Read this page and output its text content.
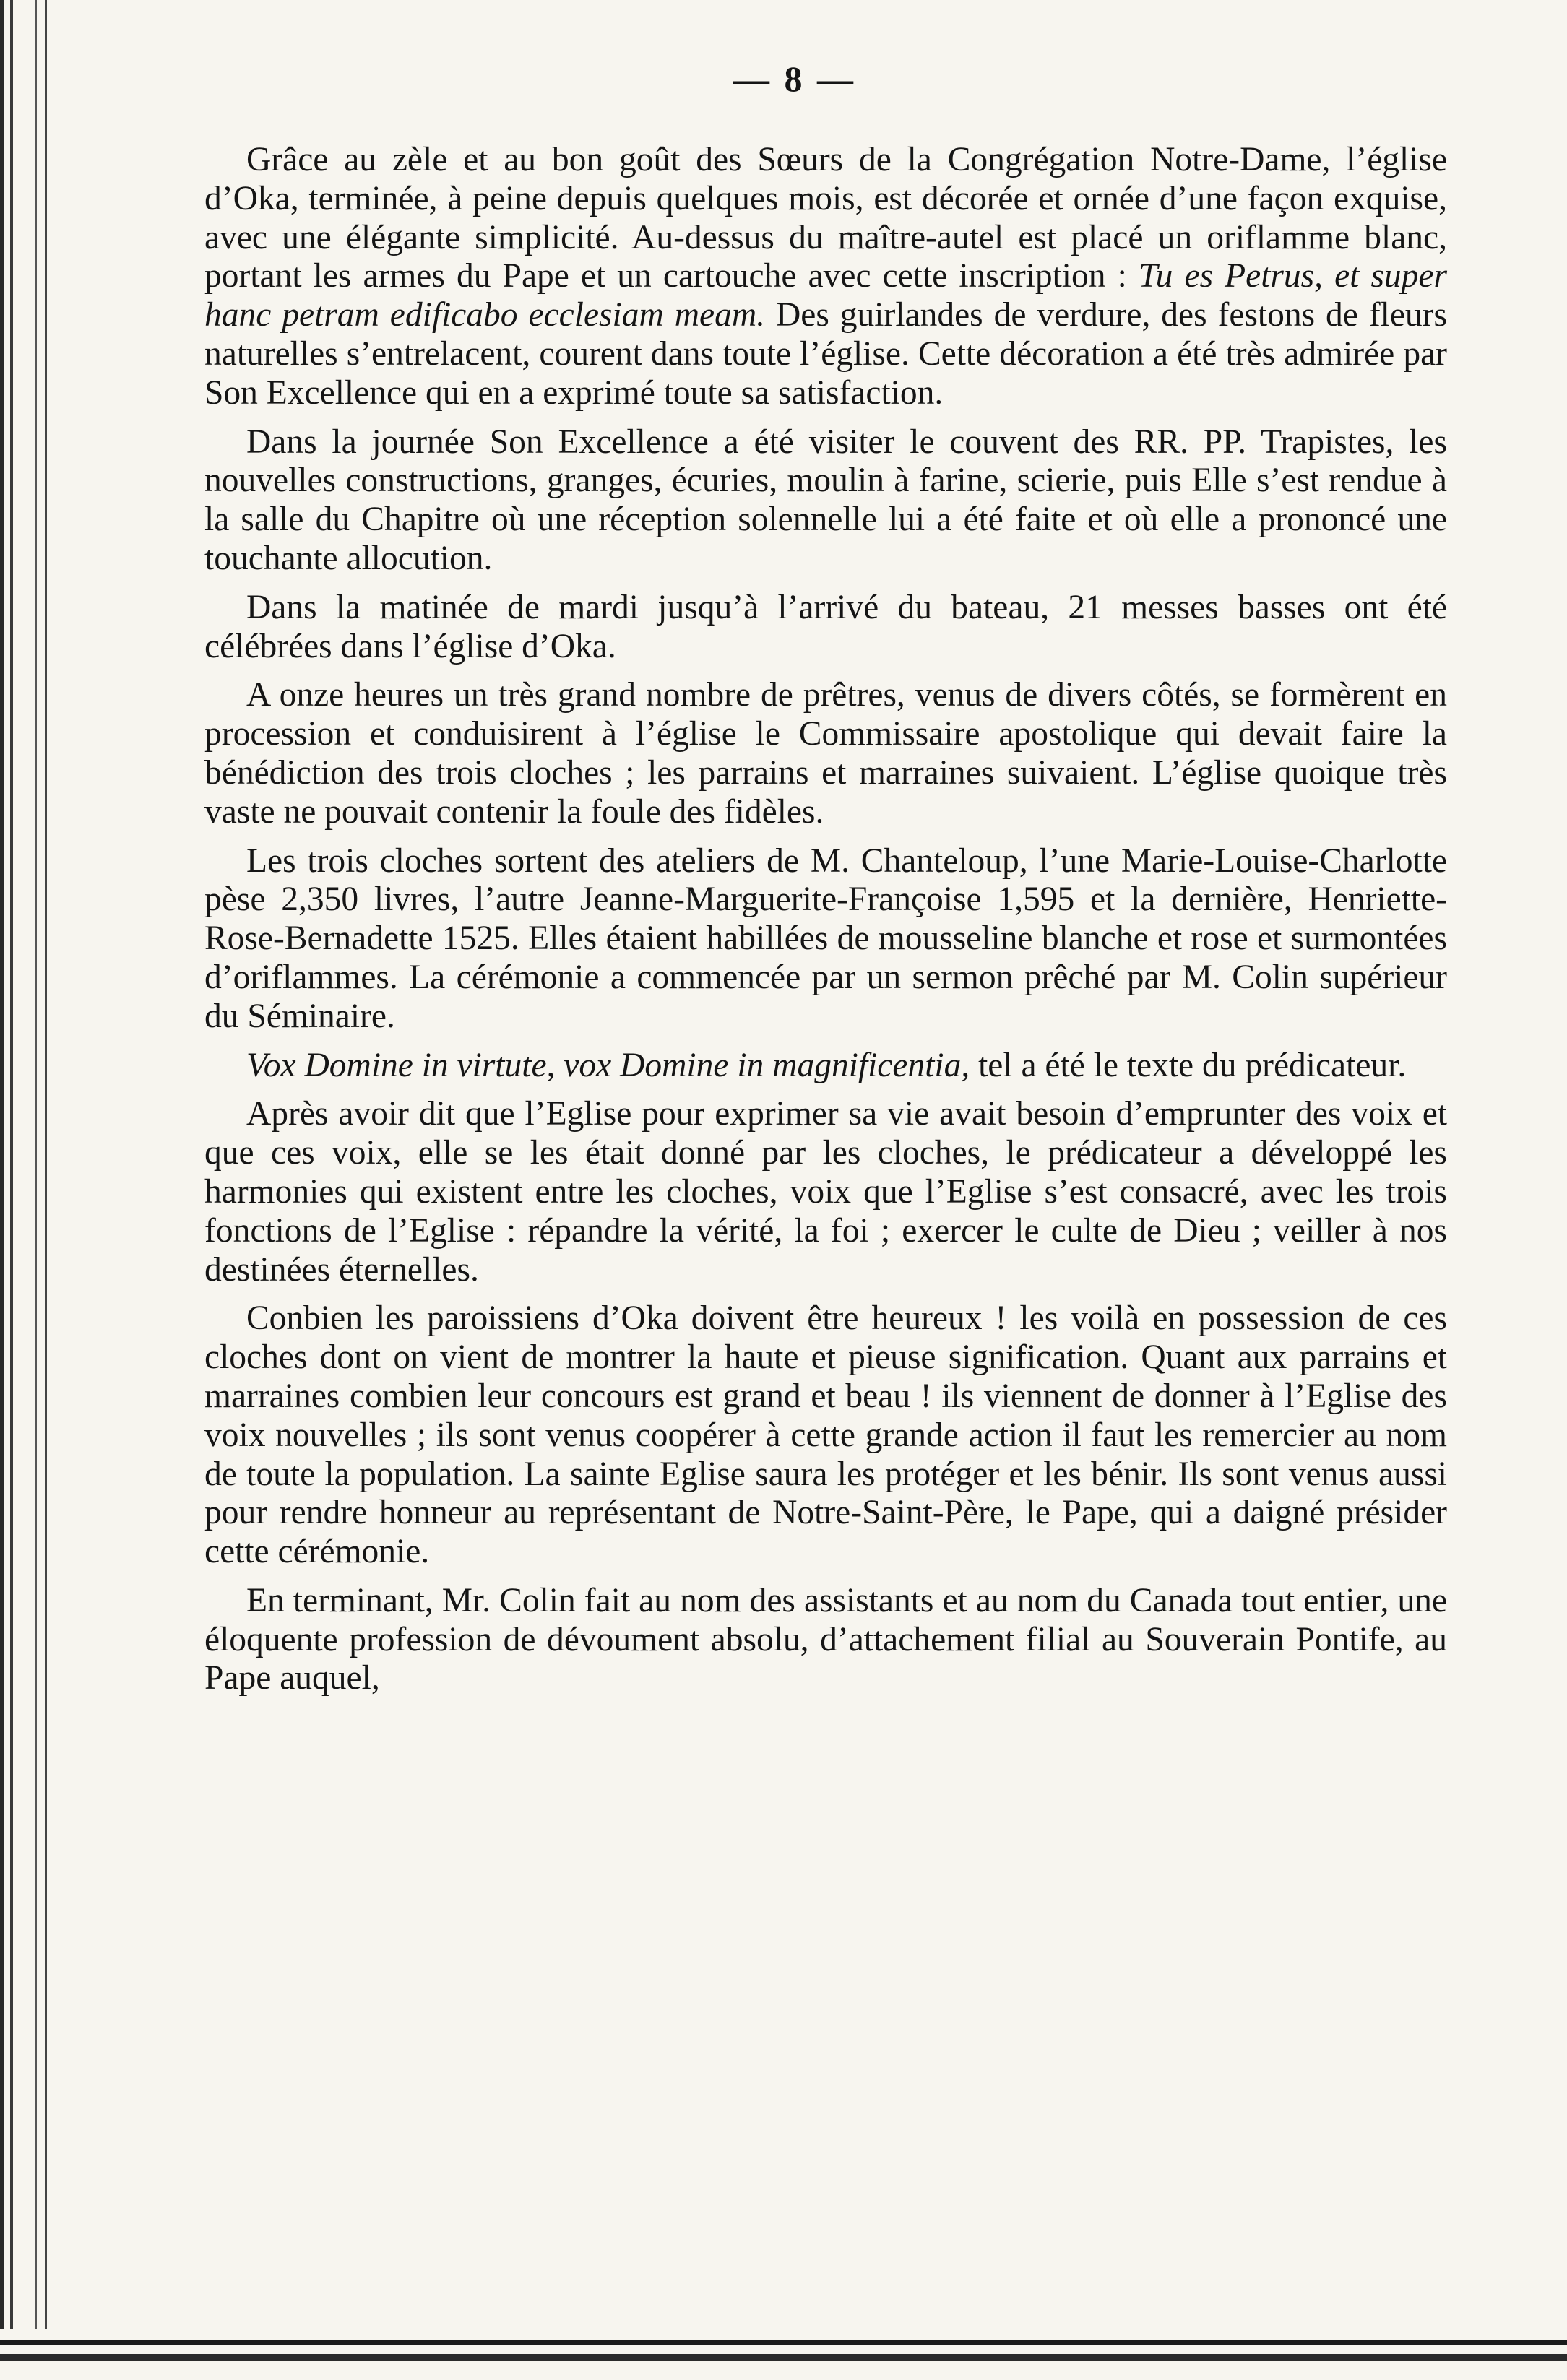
— 8 —

Grâce au zèle et au bon goût des Sœurs de la Congrégation Notre-Dame, l’église d’Oka, terminée, à peine depuis quelques mois, est décorée et ornée d’une façon exquise, avec une élégante simplicité. Au-dessus du maître-autel est placé un oriflamme blanc, portant les armes du Pape et un cartouche avec cette inscription : Tu es Petrus, et super hanc petram edificabo ecclesiam meam. Des guirlandes de verdure, des festons de fleurs naturelles s’entrelacent, courent dans toute l’église. Cette décoration a été très admirée par Son Excellence qui en a exprimé toute sa satisfaction.

Dans la journée Son Excellence a été visiter le couvent des RR. PP. Trapistes, les nouvelles constructions, granges, écuries, moulin à farine, scierie, puis Elle s’est rendue à la salle du Chapitre où une réception solennelle lui a été faite et où elle a prononcé une touchante allocution.

Dans la matinée de mardi jusqu’à l’arrivé du bateau, 21 messes basses ont été célébrées dans l’église d’Oka.

A onze heures un très grand nombre de prêtres, venus de divers côtés, se formèrent en procession et conduisirent à l’église le Commissaire apostolique qui devait faire la bénédiction des trois cloches ; les parrains et marraines suivaient. L’église quoique très vaste ne pouvait contenir la foule des fidèles.

Les trois cloches sortent des ateliers de M. Chanteloup, l’une Marie-Louise-Charlotte pèse 2,350 livres, l’autre Jeanne-Marguerite-Françoise 1,595 et la dernière, Henriette-Rose-Bernadette 1525. Elles étaient habillées de mousseline blanche et rose et surmontées d’oriflammes. La cérémonie a commencée par un sermon prêché par M. Colin supérieur du Séminaire.

Vox Domine in virtute, vox Domine in magnificentia, tel a été le texte du prédicateur.

Après avoir dit que l’Eglise pour exprimer sa vie avait besoin d’emprunter des voix et que ces voix, elle se les était donné par les cloches, le prédicateur a développé les harmonies qui existent entre les cloches, voix que l’Eglise s’est consacré, avec les trois fonctions de l’Eglise : répandre la vérité, la foi ; exercer le culte de Dieu ; veiller à nos destinées éternelles.

Conbien les paroissiens d’Oka doivent être heureux ! les voilà en possession de ces cloches dont on vient de montrer la haute et pieuse signification. Quant aux parrains et marraines combien leur concours est grand et beau ! ils viennent de donner à l’Eglise des voix nouvelles ; ils sont venus coopérer à cette grande action il faut les remercier au nom de toute la population. La sainte Eglise saura les protéger et les bénir. Ils sont venus aussi pour rendre honneur au représentant de Notre-Saint-Père, le Pape, qui a daigné présider cette cérémonie.

En terminant, Mr. Colin fait au nom des assistants et au nom du Canada tout entier, une éloquente profession de dévoument absolu, d’attachement filial au Souverain Pontife, au Pape auquel,
